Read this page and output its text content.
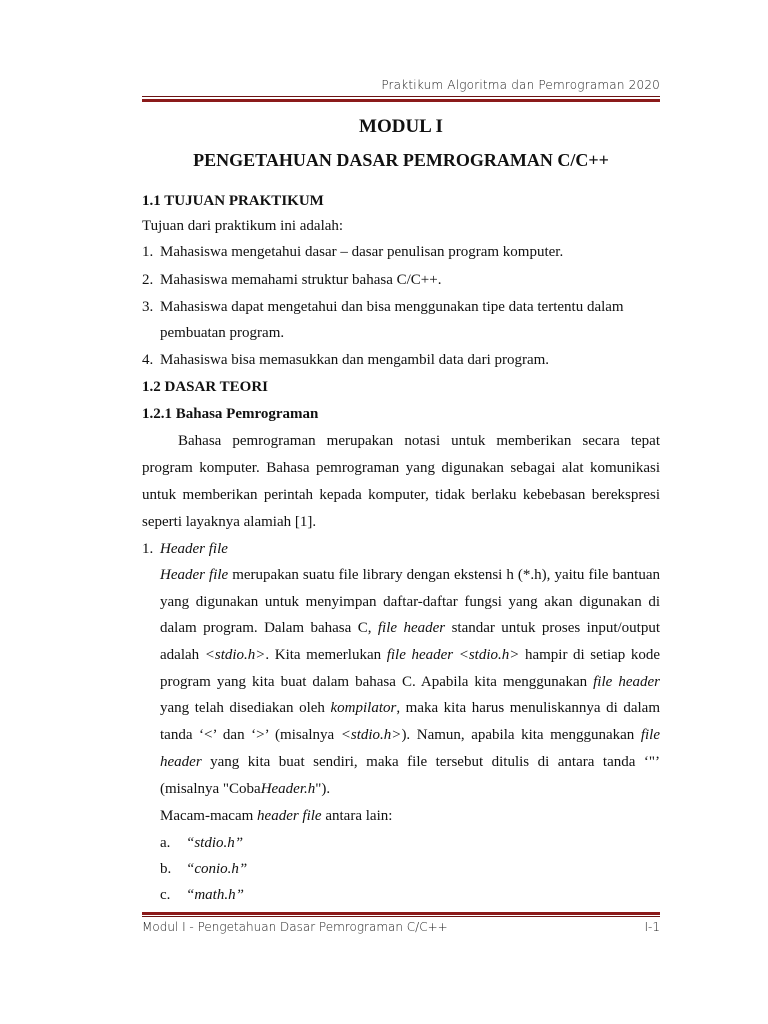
Praktikum Algoritma dan Pemrograman 2020
MODUL I
PENGETAHUAN DASAR PEMROGRAMAN C/C++
1.1 TUJUAN PRAKTIKUM
Tujuan dari praktikum ini adalah:
1. Mahasiswa mengetahui dasar – dasar penulisan program komputer.
2. Mahasiswa memahami struktur bahasa C/C++.
3. Mahasiswa dapat mengetahui dan bisa menggunakan tipe data tertentu dalam
pembuatan program.
4. Mahasiswa bisa memasukkan dan mengambil data dari program.
1.2 DASAR TEORI
1.2.1 Bahasa Pemrograman
Bahasa pemrograman merupakan notasi untuk memberikan secara tepat
program komputer. Bahasa pemrograman yang digunakan sebagai alat komunikasi
untuk memberikan perintah kepada komputer, tidak berlaku kebebasan berekspresi
seperti layaknya alamiah [1].
1. Header file
Header file merupakan suatu file library dengan ekstensi h (*.h), yaitu file bantuan
yang digunakan untuk menyimpan daftar-daftar fungsi yang akan digunakan di
dalam program. Dalam bahasa C, file header standar untuk proses input/output
adalah <stdio.h>. Kita memerlukan file header <stdio.h> hampir di setiap kode
program yang kita buat dalam bahasa C. Apabila kita menggunakan file header
yang telah disediakan oleh kompilator, maka kita harus menuliskannya di dalam
tanda ‘<’ dan ‘>’ (misalnya <stdio.h>). Namun, apabila kita menggunakan file
header yang kita buat sendiri, maka file tersebut ditulis di antara tanda ‘"’
(misalnya "CobaHeader.h").
Macam-macam header file antara lain:
a. “stdio.h”
b. “conio.h”
c. “math.h”
Modul I - Pengetahuan Dasar Pemrograman C/C++	I-1
